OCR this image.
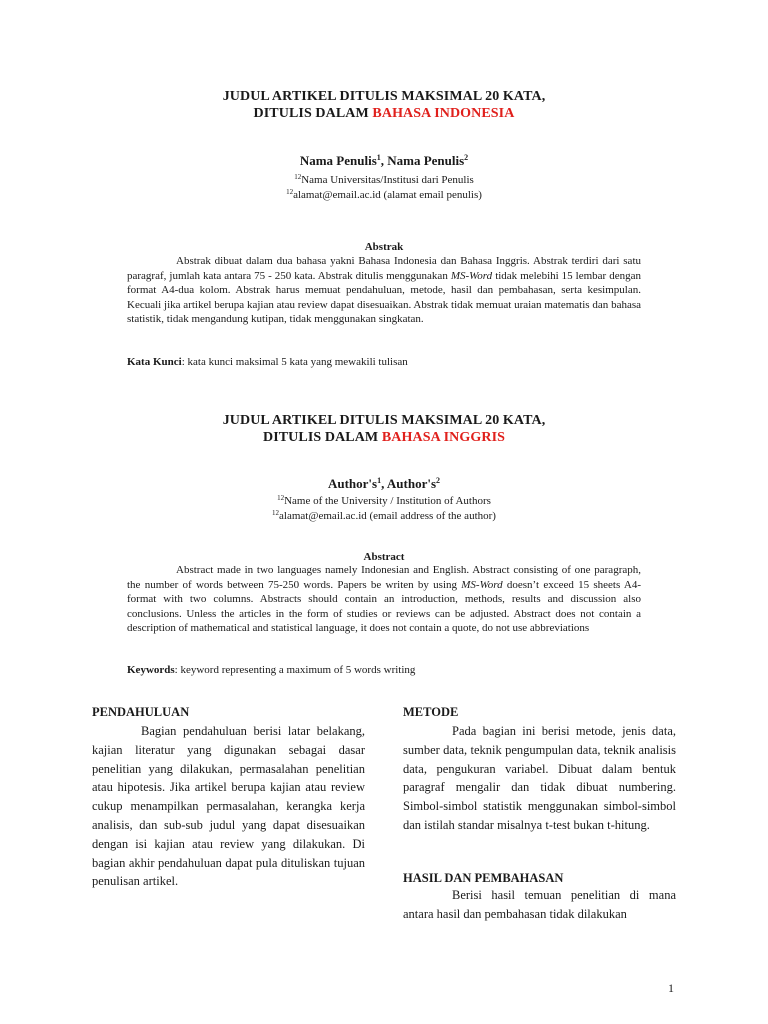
JUDUL ARTIKEL DITULIS MAKSIMAL 20 KATA,
DITULIS DALAM BAHASA INDONESIA
Nama Penulis$^1$, Nama Penulis$^2$
$^{12}$Nama Universitas/Institusi dari Penulis
$^{12}$alamat@email.ac.id (alamat email penulis)
Abstrak
Abstrak dibuat dalam dua bahasa yakni Bahasa Indonesia dan Bahasa Inggris. Abstrak terdiri dari satu paragraf, jumlah kata antara 75 - 250 kata. Abstrak ditulis menggunakan MS-Word tidak melebihi 15 lembar dengan format A4-dua kolom. Abstrak harus memuat pendahuluan, metode, hasil dan pembahasan, serta kesimpulan. Kecuali jika artikel berupa kajian atau review dapat disesuaikan. Abstrak tidak memuat uraian matematis dan bahasa statistik, tidak mengandung kutipan, tidak menggunakan singkatan.
Kata Kunci: kata kunci maksimal 5 kata yang mewakili tulisan
JUDUL ARTIKEL DITULIS MAKSIMAL 20 KATA,
DITULIS DALAM BAHASA INGGRIS
$Author's^1$, $Author's^2$
$^{12}$Name of the University / Institution of Authors
$^{12}$alamat@email.ac.id (email address of the author)
Abstract
Abstract made in two languages namely Indonesian and English. Abstract consisting of one paragraph, the number of words between 75-250 words. Papers be writen by using MS-Word doesn’t exceed 15 sheets A4-format with two columns. Abstracts should contain an introduction, methods, results and discussion also conclusions. Unless the articles in the form of studies or reviews can be adjusted. Abstract does not contain a description of mathematical and statistical language, it does not contain a quote, do not use abbreviations
Keywords: keyword representing a maximum of 5 words writing
PENDAHULUAN
Bagian pendahuluan berisi latar belakang, kajian literatur yang digunakan sebagai dasar penelitian yang dilakukan, permasalahan penelitian atau hipotesis. Jika artikel berupa kajian atau review cukup menampilkan permasalahan, kerangka kerja analisis, dan sub-sub judul yang dapat disesuaikan dengan isi kajian atau review yang dilakukan. Di bagian akhir pendahuluan dapat pula dituliskan tujuan penulisan artikel.
METODE
Pada bagian ini berisi metode, jenis data, sumber data, teknik pengumpulan data, teknik analisis data, pengukuran variabel. Dibuat dalam bentuk paragraf mengalir dan tidak dibuat numbering. Simbol-simbol statistik menggunakan simbol-simbol dan istilah standar misalnya t-test bukan t-hitung.
HASIL DAN PEMBAHASAN
Berisi hasil temuan penelitian di mana antara hasil dan pembahasan tidak dilakukan
1
